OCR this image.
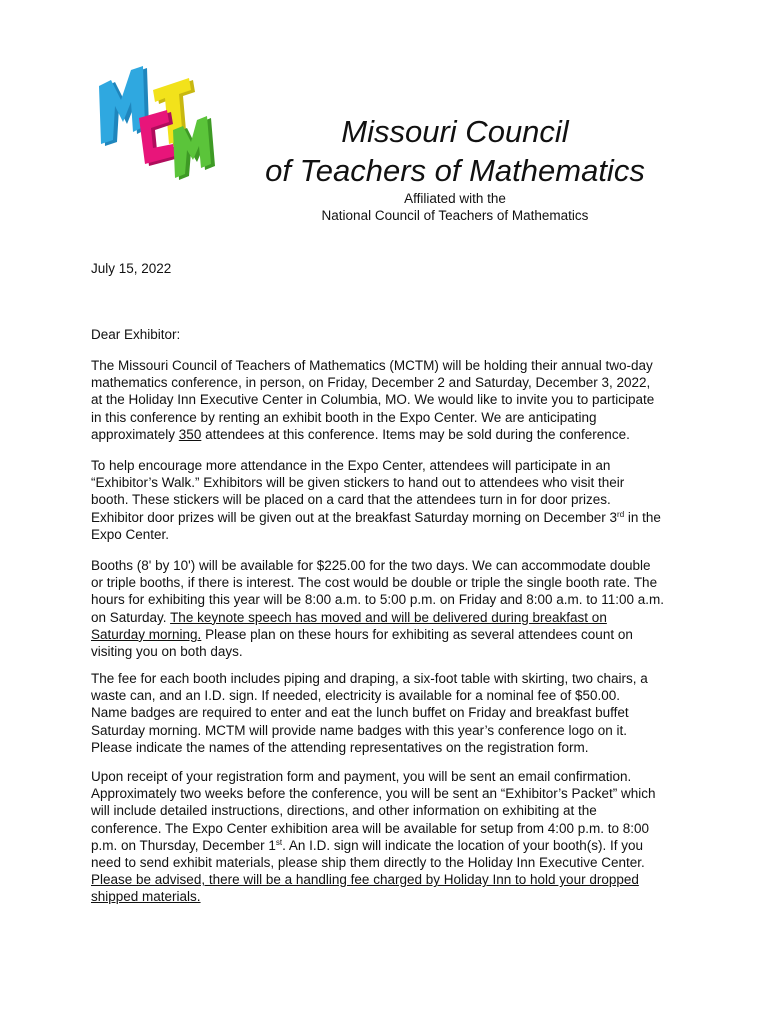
Missouri Council
of Teachers of Mathematics
Affiliated with the
National Council of Teachers of Mathematics
July 15, 2022
Dear Exhibitor:
The Missouri Council of Teachers of Mathematics (MCTM) will be holding their annual two-day
mathematics conference, in person, on Friday, December 2 and Saturday, December 3, 2022,
at the Holiday Inn Executive Center in Columbia, MO. We would like to invite you to participate
in this conference by renting an exhibit booth in the Expo Center. We are anticipating
approximately 350 attendees at this conference. Items may be sold during the conference.
To help encourage more attendance in the Expo Center, attendees will participate in an
“Exhibitor’s Walk.” Exhibitors will be given stickers to hand out to attendees who visit their
booth. These stickers will be placed on a card that the attendees turn in for door prizes.
Exhibitor door prizes will be given out at the breakfast Saturday morning on December 3rd in the
Expo Center.
Booths (8' by 10') will be available for $225.00 for the two days. We can accommodate double
or triple booths, if there is interest. The cost would be double or triple the single booth rate. The
hours for exhibiting this year will be 8:00 a.m. to 5:00 p.m. on Friday and 8:00 a.m. to 11:00 a.m.
on Saturday. The keynote speech has moved and will be delivered during breakfast on
Saturday morning. Please plan on these hours for exhibiting as several attendees count on
visiting you on both days.
The fee for each booth includes piping and draping, a six-foot table with skirting, two chairs, a
waste can, and an I.D. sign. If needed, electricity is available for a nominal fee of $50.00.
Name badges are required to enter and eat the lunch buffet on Friday and breakfast buffet
Saturday morning. MCTM will provide name badges with this year’s conference logo on it.
Please indicate the names of the attending representatives on the registration form.
Upon receipt of your registration form and payment, you will be sent an email confirmation.
Approximately two weeks before the conference, you will be sent an “Exhibitor’s Packet” which
will include detailed instructions, directions, and other information on exhibiting at the
conference. The Expo Center exhibition area will be available for setup from 4:00 p.m. to 8:00
p.m. on Thursday, December 1st. An I.D. sign will indicate the location of your booth(s). If you
need to send exhibit materials, please ship them directly to the Holiday Inn Executive Center.
Please be advised, there will be a handling fee charged by Holiday Inn to hold your dropped
shipped materials.
